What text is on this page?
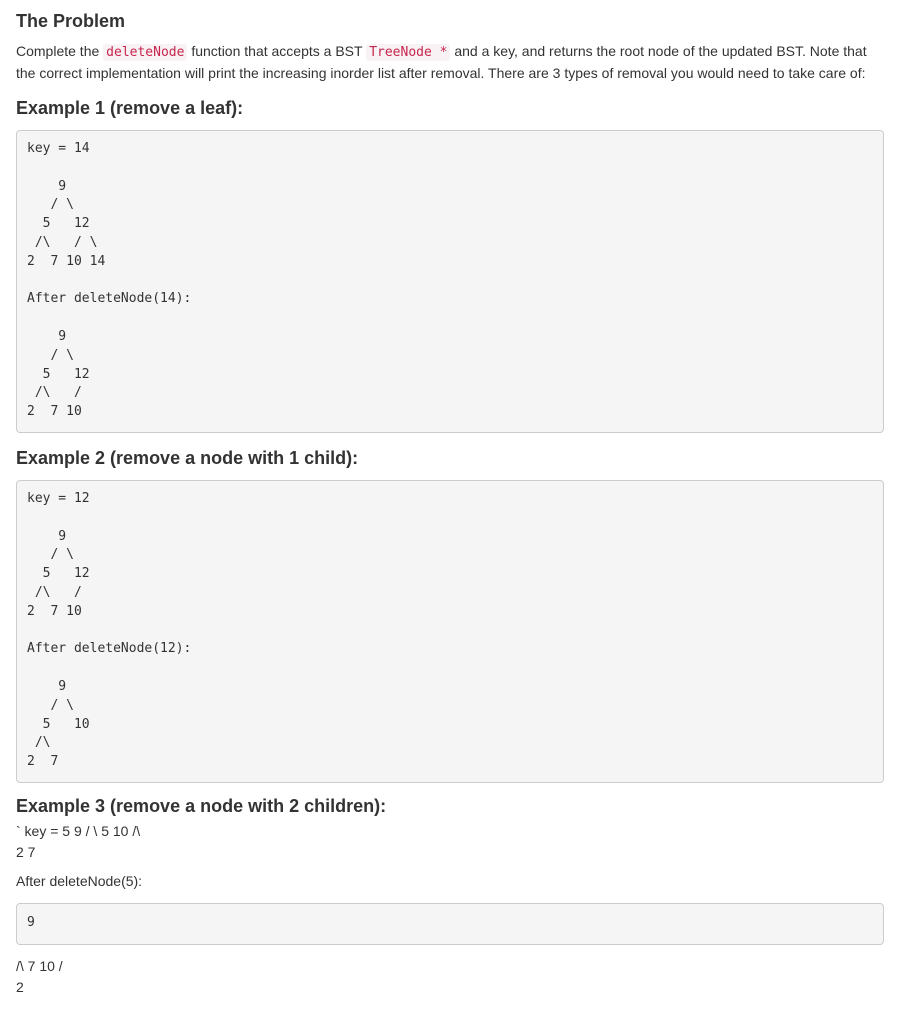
The Problem

Complete the deleteNode function that accepts a BST TreeNode * and a key, and returns the root node of the updated BST. Note that the correct implementation will print the increasing inorder list after removal. There are 3 types of removal you would need to take care of:

Example 1 (remove a leaf):
key = 14

9
/ \
5   12
/\   / \
2  7 10 14

After deleteNode(14):

9
/ \
5   12
/\   /
2  7 10
Example 2 (remove a node with 1 child):
key = 12

9
/ \
5   12
/\   /
2  7 10

After deleteNode(12):

9
/ \
5   10
/\
2  7
Example 3 (remove a node with 2 children):

` key = 5 9 / \ 5 10 /\

2 7

After deleteNode(5):

9

/\ 7 10 /

2
